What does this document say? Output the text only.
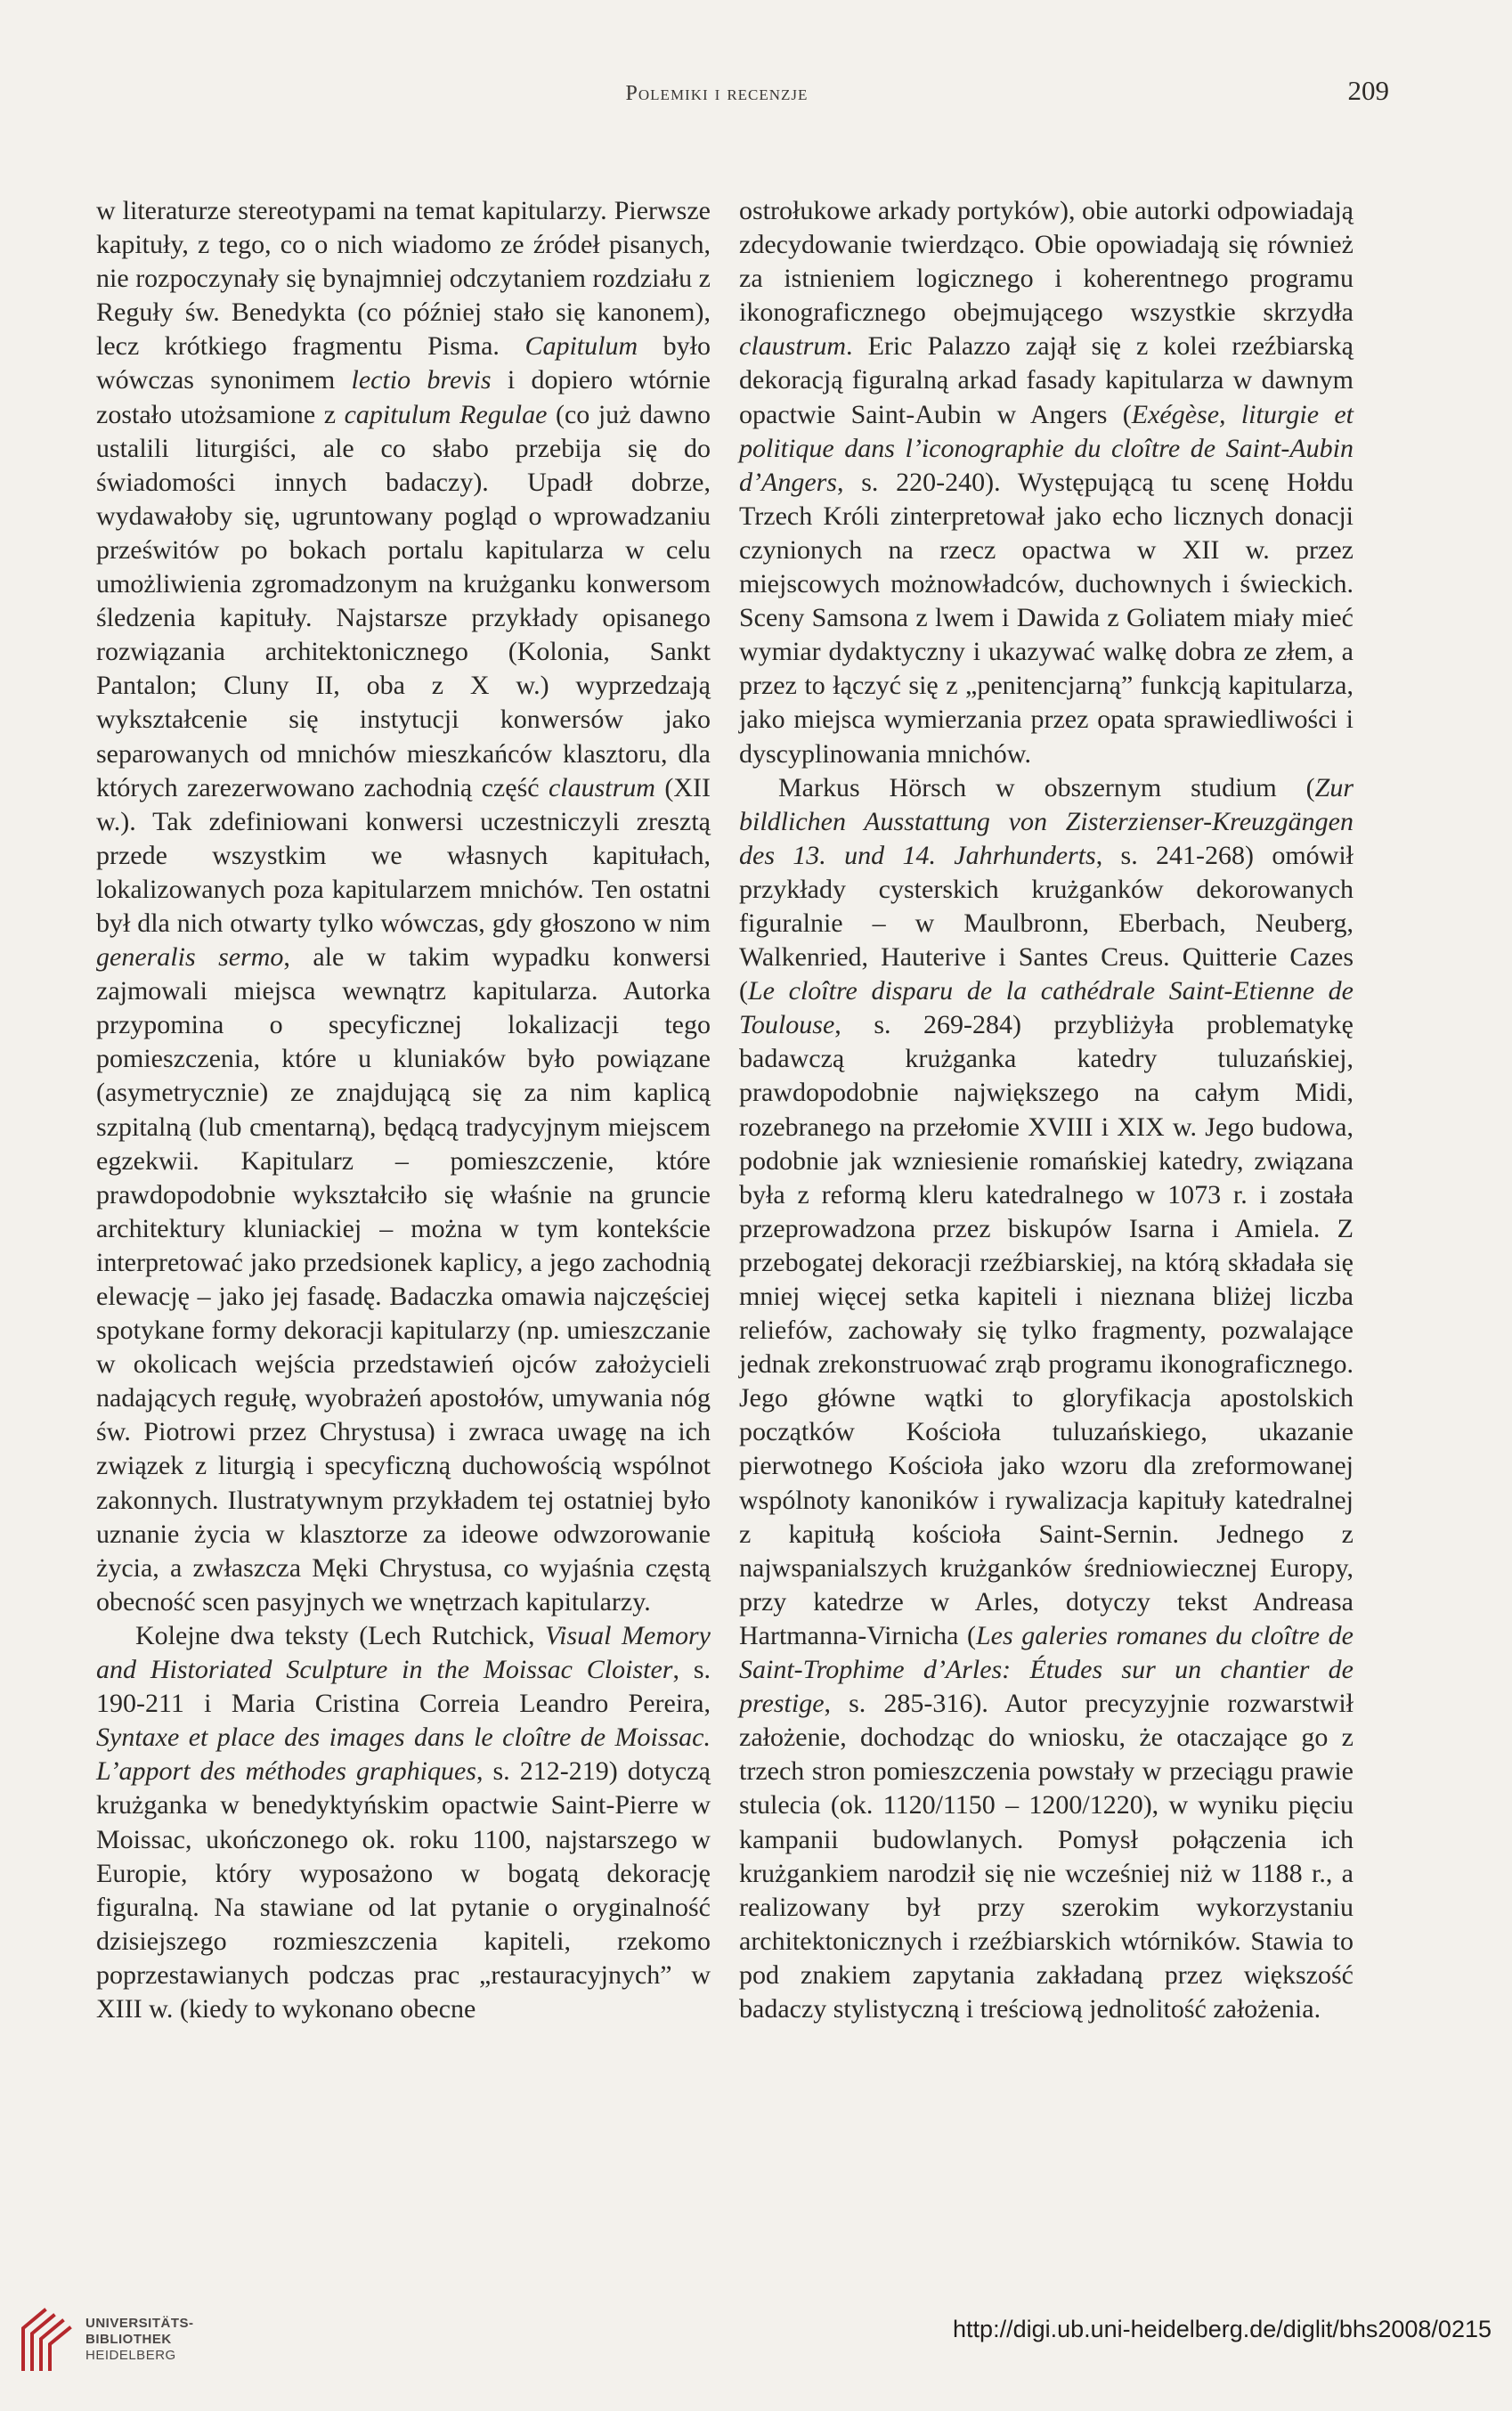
Polemiki i recenzje	209

w literaturze stereotypami na temat kapitularzy. Pierwsze kapituły, z tego, co o nich wiadomo ze źródeł pisanych, nie rozpoczynały się bynajmniej odczytaniem rozdziału z Reguły św. Benedykta (co później stało się kanonem), lecz krótkiego fragmentu Pisma. Capitulum było wówczas synonimem lectio brevis i dopiero wtórnie zostało utożsamione z capitulum Regulae (co już dawno ustalili liturgiści, ale co słabo przebija się do świadomości innych badaczy). Upadł dobrze, wydawałoby się, ugruntowany pogląd o wprowadzaniu prześwitów po bokach portalu kapitularza w celu umożliwienia zgromadzonym na krużganku konwersom śledzenia kapituły. Najstarsze przykłady opisanego rozwiązania architektonicznego (Kolonia, Sankt Pantalon; Cluny II, oba z X w.) wyprzedzają wykształcenie się instytucji konwersów jako separowanych od mnichów mieszkańców klasztoru, dla których zarezerwowano zachodnią część claustrum (XII w.). Tak zdefiniowani konwersi uczestniczyli zresztą przede wszystkim we własnych kapitułach, lokalizowanych poza kapitularzem mnichów. Ten ostatni był dla nich otwarty tylko wówczas, gdy głoszono w nim generalis sermo, ale w takim wypadku konwersi zajmowali miejsca wewnątrz kapitularza. Autorka przypomina o specyficznej lokalizacji tego pomieszczenia, które u kluniaków było powiązane (asymetrycznie) ze znajdującą się za nim kaplicą szpitalną (lub cmentarną), będącą tradycyjnym miejscem egzekwii. Kapitularz – pomieszczenie, które prawdopodobnie wykształciło się właśnie na gruncie architektury kluniackiej – można w tym kontekście interpretować jako przedsionek kaplicy, a jego zachodnią elewację – jako jej fasadę. Badaczka omawia najczęściej spotykane formy dekoracji kapitularzy (np. umieszczanie w okolicach wejścia przedstawień ojców założycieli nadających regułę, wyobrażeń apostołów, umywania nóg św. Piotrowi przez Chrystusa) i zwraca uwagę na ich związek z liturgią i specyficzną duchowością wspólnot zakonnych. Ilustratywnym przykładem tej ostatniej było uznanie życia w klasztorze za ideowe odwzorowanie życia, a zwłaszcza Męki Chrystusa, co wyjaśnia częstą obecność scen pasyjnych we wnętrzach kapitularzy.

Kolejne dwa teksty (Lech Rutchick, Visual Memory and Historiated Sculpture in the Moissac Cloister, s. 190-211 i Maria Cristina Correia Leandro Pereira, Syntaxe et place des images dans le cloître de Moissac. L’apport des méthodes graphiques, s. 212-219) dotyczą krużganka w benedyktyńskim opactwie Saint-Pierre w Moissac, ukończonego ok. roku 1100, najstarszego w Europie, który wyposażono w bogatą dekorację figuralną. Na stawiane od lat pytanie o oryginalność dzisiejszego rozmieszczenia kapiteli, rzekomo poprzestawianych podczas prac „restauracyjnych” w XIII w. (kiedy to wykonano obecne

ostrołukowe arkady portyków), obie autorki odpowiadają zdecydowanie twierdząco. Obie opowiadają się również za istnieniem logicznego i koherentnego programu ikonograficznego obejmującego wszystkie skrzydła claustrum. Eric Palazzo zajął się z kolei rzeźbiarską dekoracją figuralną arkad fasady kapitularza w dawnym opactwie Saint-Aubin w Angers (Exégèse, liturgie et politique dans l’iconographie du cloître de Saint-Aubin d’Angers, s. 220-240). Występującą tu scenę Hołdu Trzech Króli zinterpretował jako echo licznych donacji czynionych na rzecz opactwa w XII w. przez miejscowych możnowładców, duchownych i świeckich. Sceny Samsona z lwem i Dawida z Goliatem miały mieć wymiar dydaktyczny i ukazywać walkę dobra ze złem, a przez to łączyć się z „penitencjarną” funkcją kapitularza, jako miejsca wymierzania przez opata sprawiedliwości i dyscyplinowania mnichów.

Markus Hörsch w obszernym studium (Zur bildlichen Ausstattung von Zisterzienser-Kreuzgängen des 13. und 14. Jahrhunderts, s. 241-268) omówił przykłady cysterskich krużganków dekorowanych figuralnie – w Maulbronn, Eberbach, Neuberg, Walkenried, Hauterive i Santes Creus. Quitterie Cazes (Le cloître disparu de la cathédrale Saint-Etienne de Toulouse, s. 269-284) przybliżyła problematykę badawczą krużganka katedry tuluzańskiej, prawdopodobnie największego na całym Midi, rozebranego na przełomie XVIII i XIX w. Jego budowa, podobnie jak wzniesienie romańskiej katedry, związana była z reformą kleru katedralnego w 1073 r. i została przeprowadzona przez biskupów Isarna i Amiela. Z przebogatej dekoracji rzeźbiarskiej, na którą składała się mniej więcej setka kapiteli i nieznana bliżej liczba reliefów, zachowały się tylko fragmenty, pozwalające jednak zrekonstruować zrąb programu ikonograficznego. Jego główne wątki to gloryfikacja apostolskich początków Kościoła tuluzańskiego, ukazanie pierwotnego Kościoła jako wzoru dla zreformowanej wspólnoty kanoników i rywalizacja kapituły katedralnej z kapitułą kościoła Saint-Sernin. Jednego z najwspanialszych krużganków średniowiecznej Europy, przy katedrze w Arles, dotyczy tekst Andreasa Hartmanna-Virnicha (Les galeries romanes du cloître de Saint-Trophime d’Arles: Études sur un chantier de prestige, s. 285-316). Autor precyzyjnie rozwarstwił założenie, dochodząc do wniosku, że otaczające go z trzech stron pomieszczenia powstały w przeciągu prawie stulecia (ok. 1120/1150 – 1200/1220), w wyniku pięciu kampanii budowlanych. Pomysł połączenia ich krużgankiem narodził się nie wcześniej niż w 1188 r., a realizowany był przy szerokim wykorzystaniu architektonicznych i rzeźbiarskich wtórników. Stawia to pod znakiem zapytania zakładaną przez większość badaczy stylistyczną i treściową jednolitość założenia.

UNIVERSITÄTS-
BIBLIOTHEK
HEIDELBERG
http://digi.ub.uni-heidelberg.de/diglit/bhs2008/0215
